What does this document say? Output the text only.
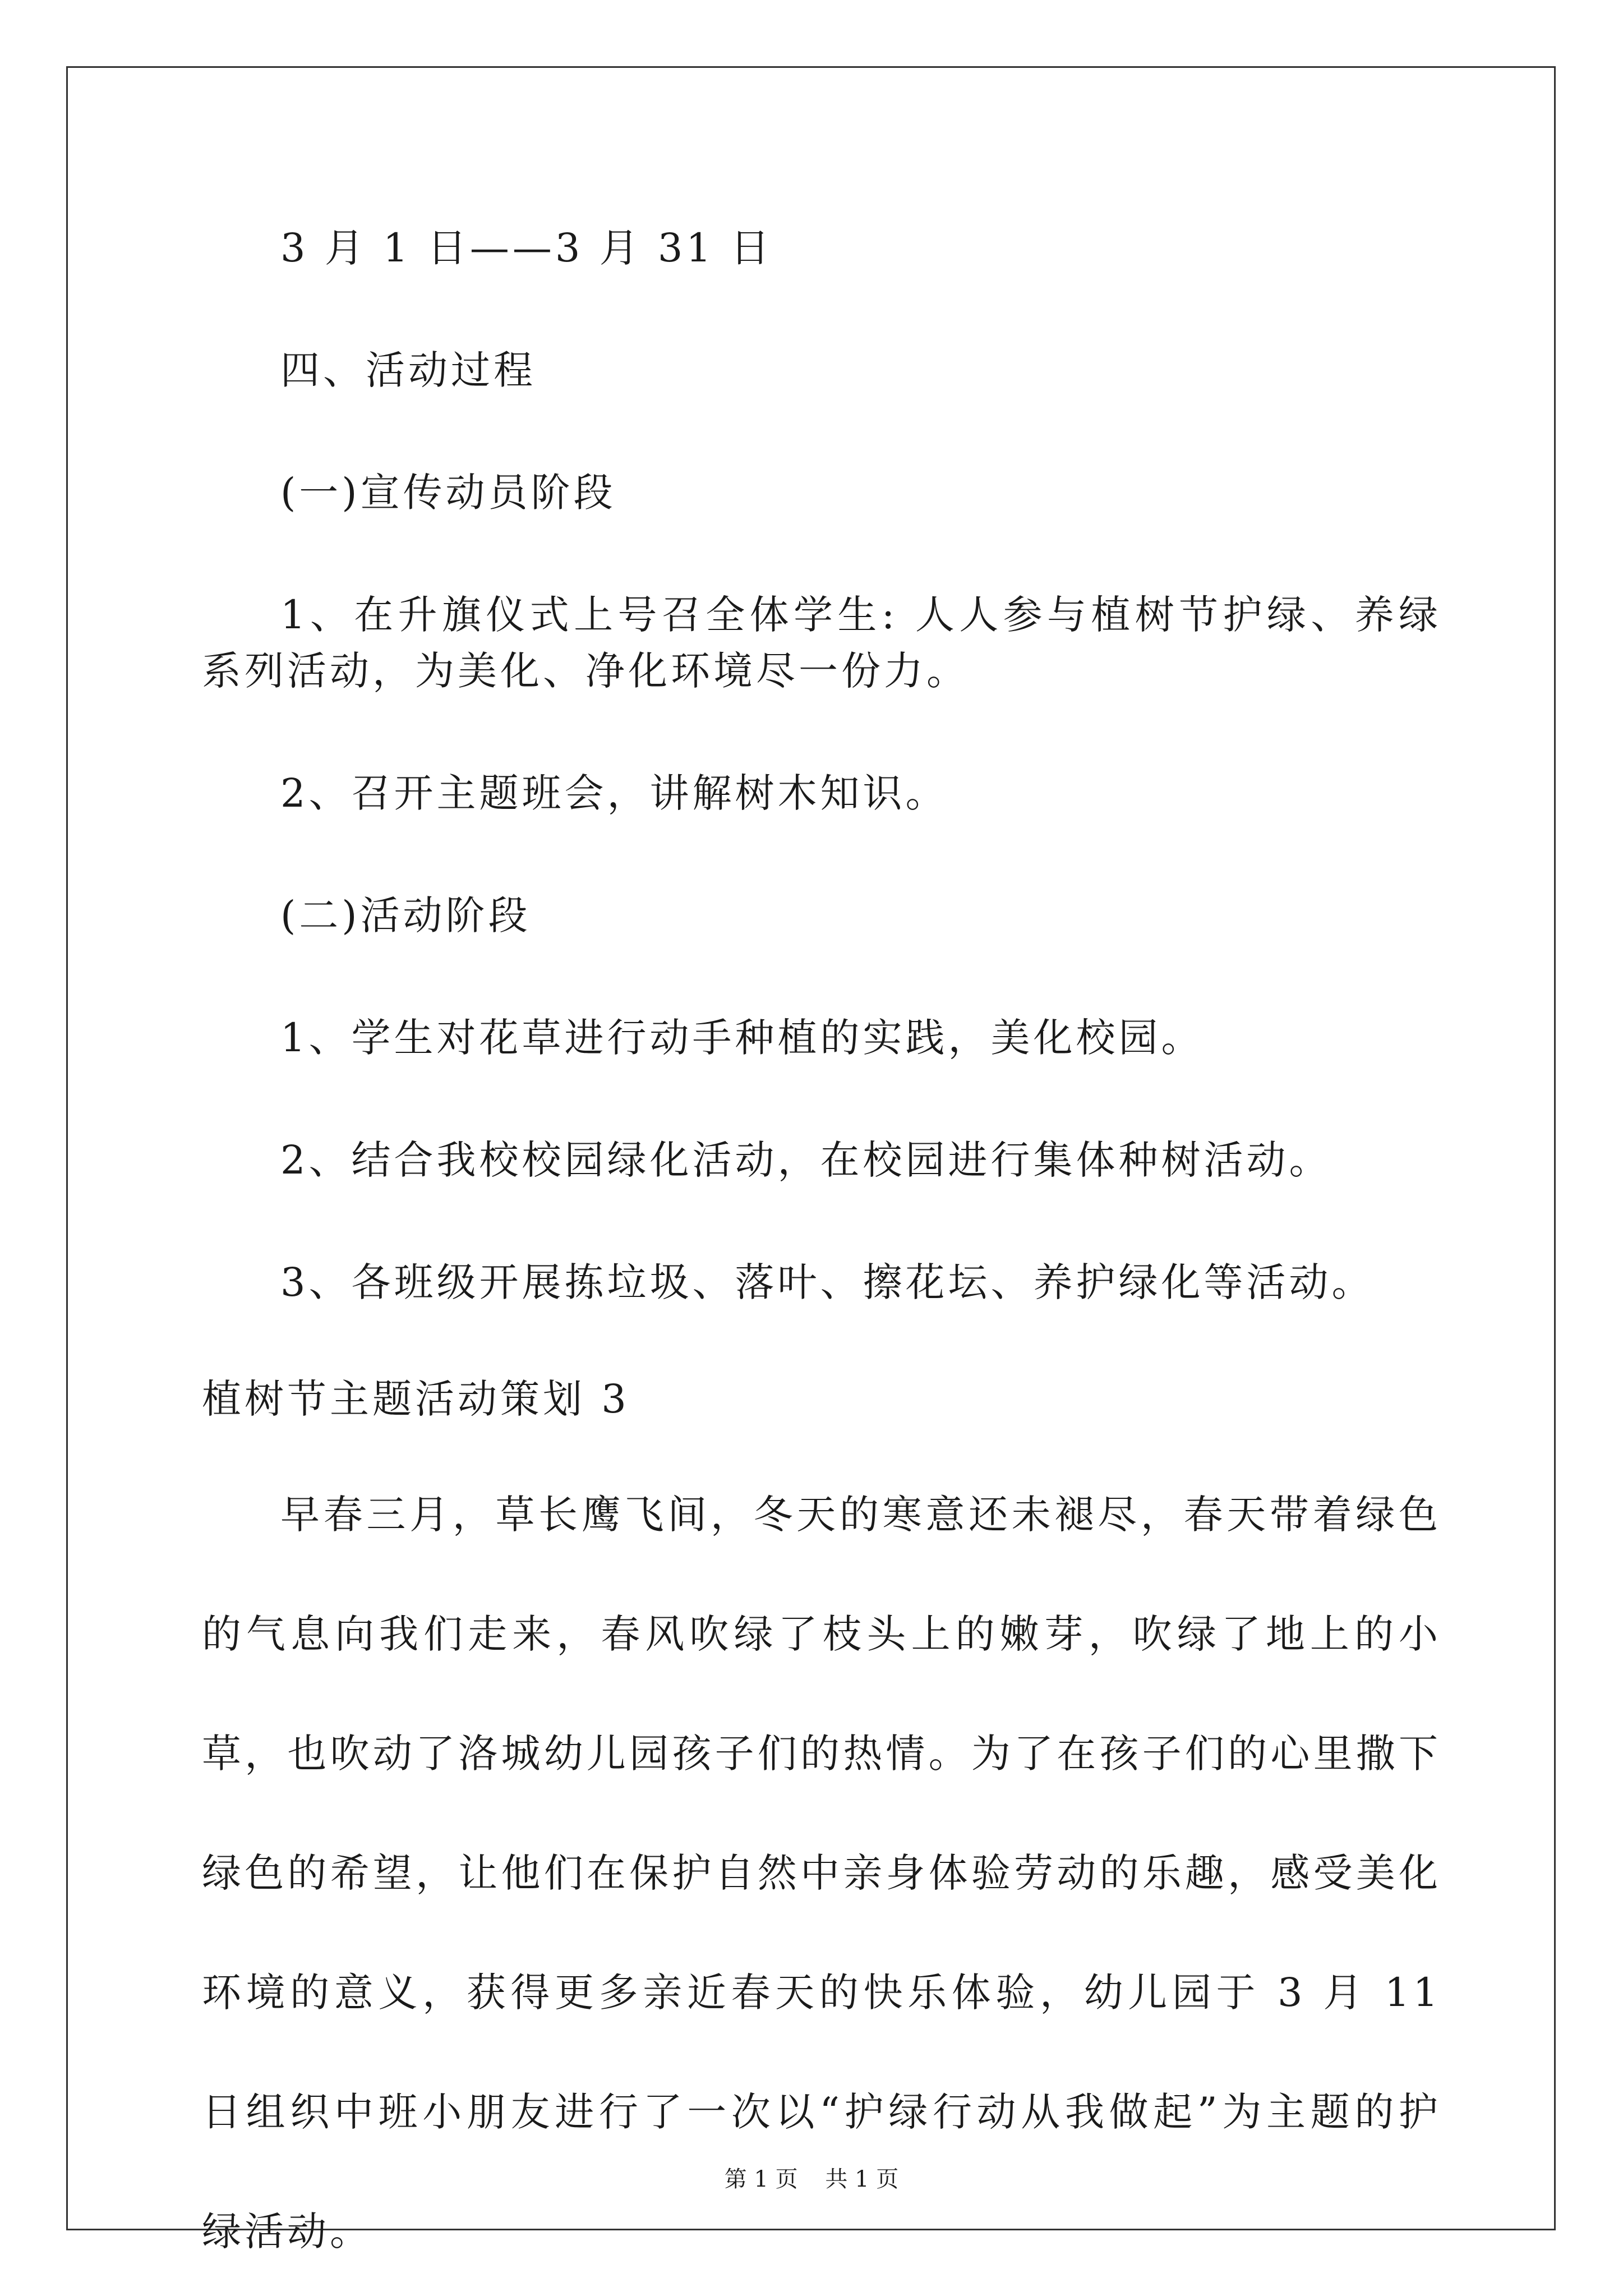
3 月 1 日——3 月 31 日
四、活动过程
(一)宣传动员阶段
1、在升旗仪式上号召全体学生: 人人参与植树节护绿、养绿系列活动，为美化、净化环境尽一份力。
2、召开主题班会，讲解树木知识。
(二)活动阶段
1、学生对花草进行动手种植的实践，美化校园。
2、结合我校校园绿化活动，在校园进行集体种树活动。
3、各班级开展拣垃圾、落叶、擦花坛、养护绿化等活动。
植树节主题活动策划 3
早春三月，草长鹰飞间，冬天的寒意还未褪尽，春天带着绿色的气息向我们走来，春风吹绿了枝头上的嫩芽，吹绿了地上的小草，也吹动了洛城幼儿园孩子们的热情。为了在孩子们的心里撒下绿色的希望，让他们在保护自然中亲身体验劳动的乐趣，感受美化环境的意义，获得更多亲近春天的快乐体验，幼儿园于 3 月 11 日组织中班小朋友进行了一次以“护绿行动从我做起”为主题的护绿活动。
第 1 页 共 1 页
